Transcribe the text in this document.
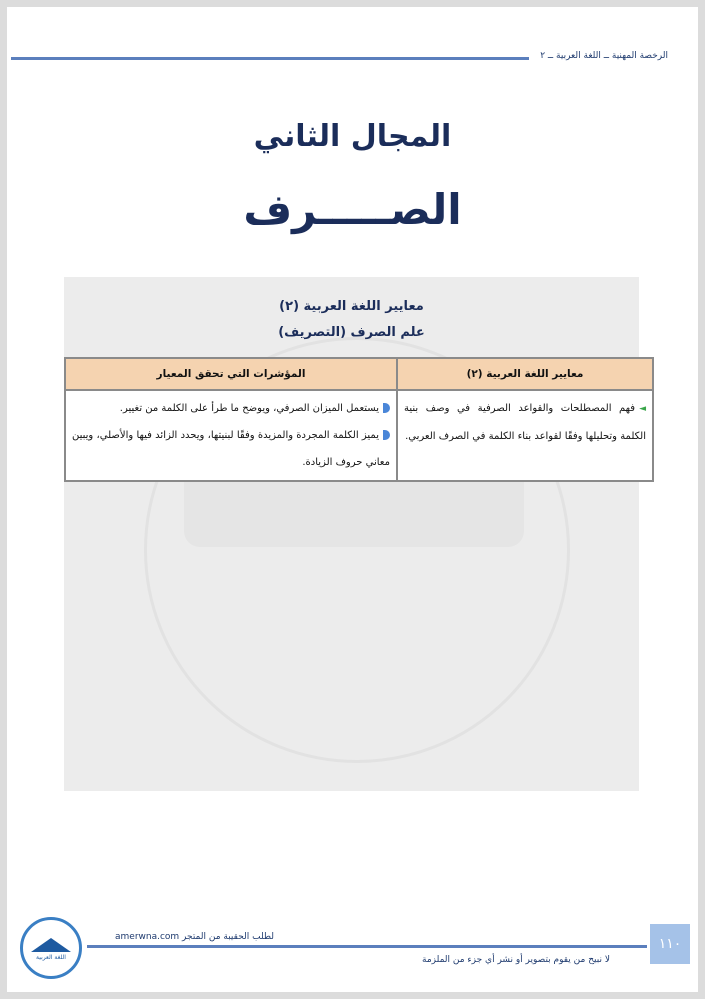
الرخصة المهنية ــ اللغة العربية ــ ٢
المجال الثاني
الصـــــرف
معايير اللغة العربية (٢)
علم الصرف (التصريف)
معايير اللغة العربية (٢)	المؤشرات التي تحقق المعيار
◄فهم المصطلحات والقواعد الصرفية في وصف بنية الكلمة وتحليلها وفقًا لقواعد بناء الكلمة في الصرف العربي.	يستعمل الميزان الصرفي، ويوضح ما طرأ على الكلمة من تغيير.
يميز الكلمة المجردة والمزيدة وفقًا لبنيتها، ويحدد الزائد فيها والأصلي، ويبين معاني حروف الزيادة.
اللغة العربية
لطلب الحقيبة من المتجر amerwna.com
لا نبيح من يقوم بتصوير أو نشر أي جزء من الملزمة
١١٠
